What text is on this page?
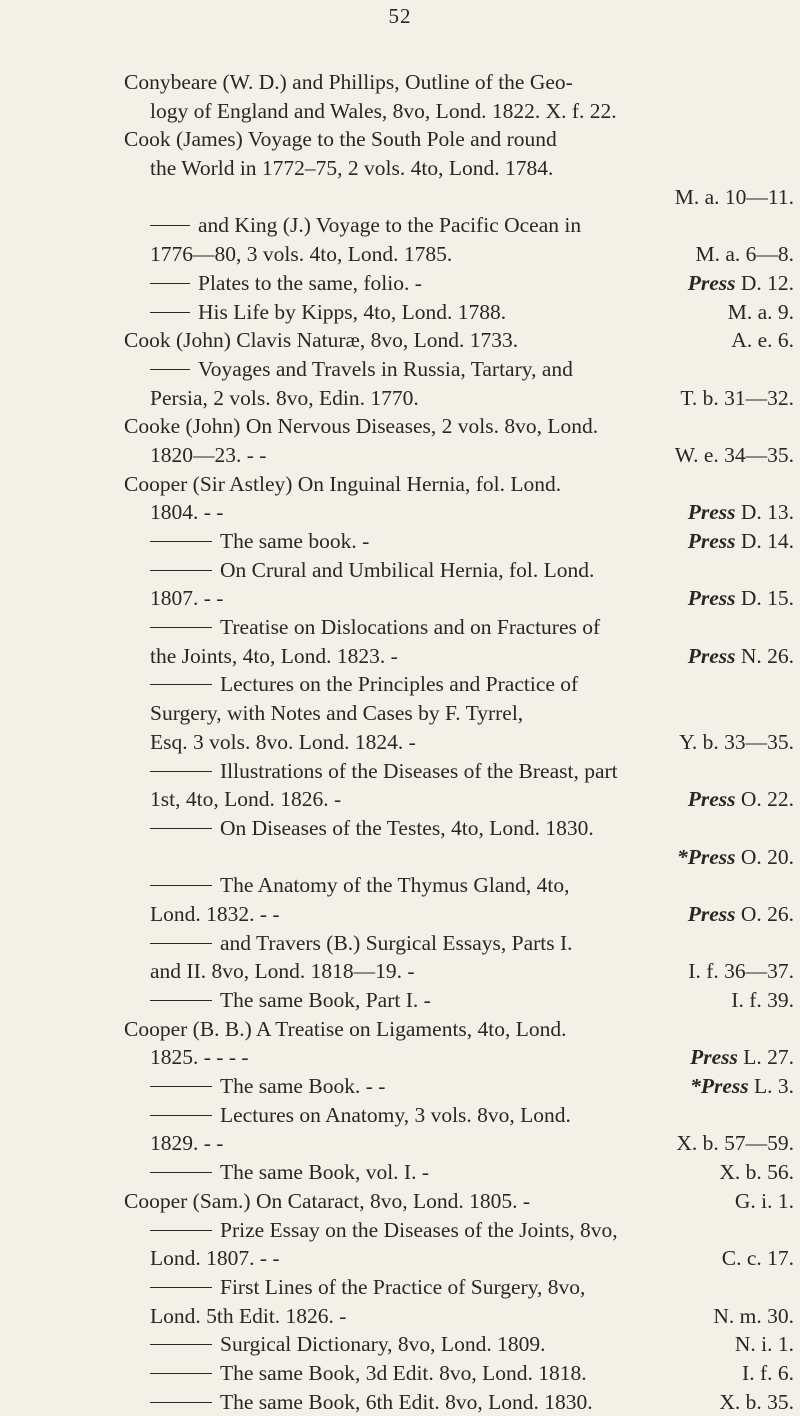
52
Conybeare (W. D.) and Phillips, Outline of the Geo-
logy of England and Wales, 8vo, Lond. 1822. X. f. 22.
Cook (James) Voyage to the South Pole and round
the World in 1772–75, 2 vols. 4to, Lond. 1784.
M. a. 10—11.
and King (J.) Voyage to the Pacific Ocean in
1776—80, 3 vols. 4to, Lond. 1785.	M. a. 6—8.
Plates to the same, folio. -	Press D. 12.
His Life by Kipps, 4to, Lond. 1788.	M. a. 9.
Cook (John) Clavis Naturæ, 8vo, Lond. 1733.	A. e. 6.
Voyages and Travels in Russia, Tartary, and
Persia, 2 vols. 8vo, Edin. 1770.	T. b. 31—32.
Cooke (John) On Nervous Diseases, 2 vols. 8vo, Lond.
1820—23. - -	W. e. 34—35.
Cooper (Sir Astley) On Inguinal Hernia, fol. Lond.
1804. - -	Press D. 13.
The same book. -	Press D. 14.
On Crural and Umbilical Hernia, fol. Lond.
1807. - -	Press D. 15.
Treatise on Dislocations and on Fractures of
the Joints, 4to, Lond. 1823. -	Press N. 26.
Lectures on the Principles and Practice of
Surgery, with Notes and Cases by F. Tyrrel,
Esq. 3 vols. 8vo. Lond. 1824. -	Y. b. 33—35.
Illustrations of the Diseases of the Breast, part
1st, 4to, Lond. 1826. -	Press O. 22.
On Diseases of the Testes, 4to, Lond. 1830.
*Press O. 20.
The Anatomy of the Thymus Gland, 4to,
Lond. 1832. - -	Press O. 26.
and Travers (B.) Surgical Essays, Parts I.
and II. 8vo, Lond. 1818—19. -	I. f. 36—37.
The same Book, Part I. -	I. f. 39.
Cooper (B. B.) A Treatise on Ligaments, 4to, Lond.
1825. - - - -	Press L. 27.
The same Book. - -	*Press L. 3.
Lectures on Anatomy, 3 vols. 8vo, Lond.
1829. - -	X. b. 57—59.
The same Book, vol. I. -	X. b. 56.
Cooper (Sam.) On Cataract, 8vo, Lond. 1805. -	G. i. 1.
Prize Essay on the Diseases of the Joints, 8vo,
Lond. 1807. - -	C. c. 17.
First Lines of the Practice of Surgery, 8vo,
Lond. 5th Edit. 1826. -	N. m. 30.
Surgical Dictionary, 8vo, Lond. 1809.	N. i. 1.
The same Book, 3d Edit. 8vo, Lond. 1818.	I. f. 6.
The same Book, 6th Edit. 8vo, Lond. 1830.	X. b. 35.
